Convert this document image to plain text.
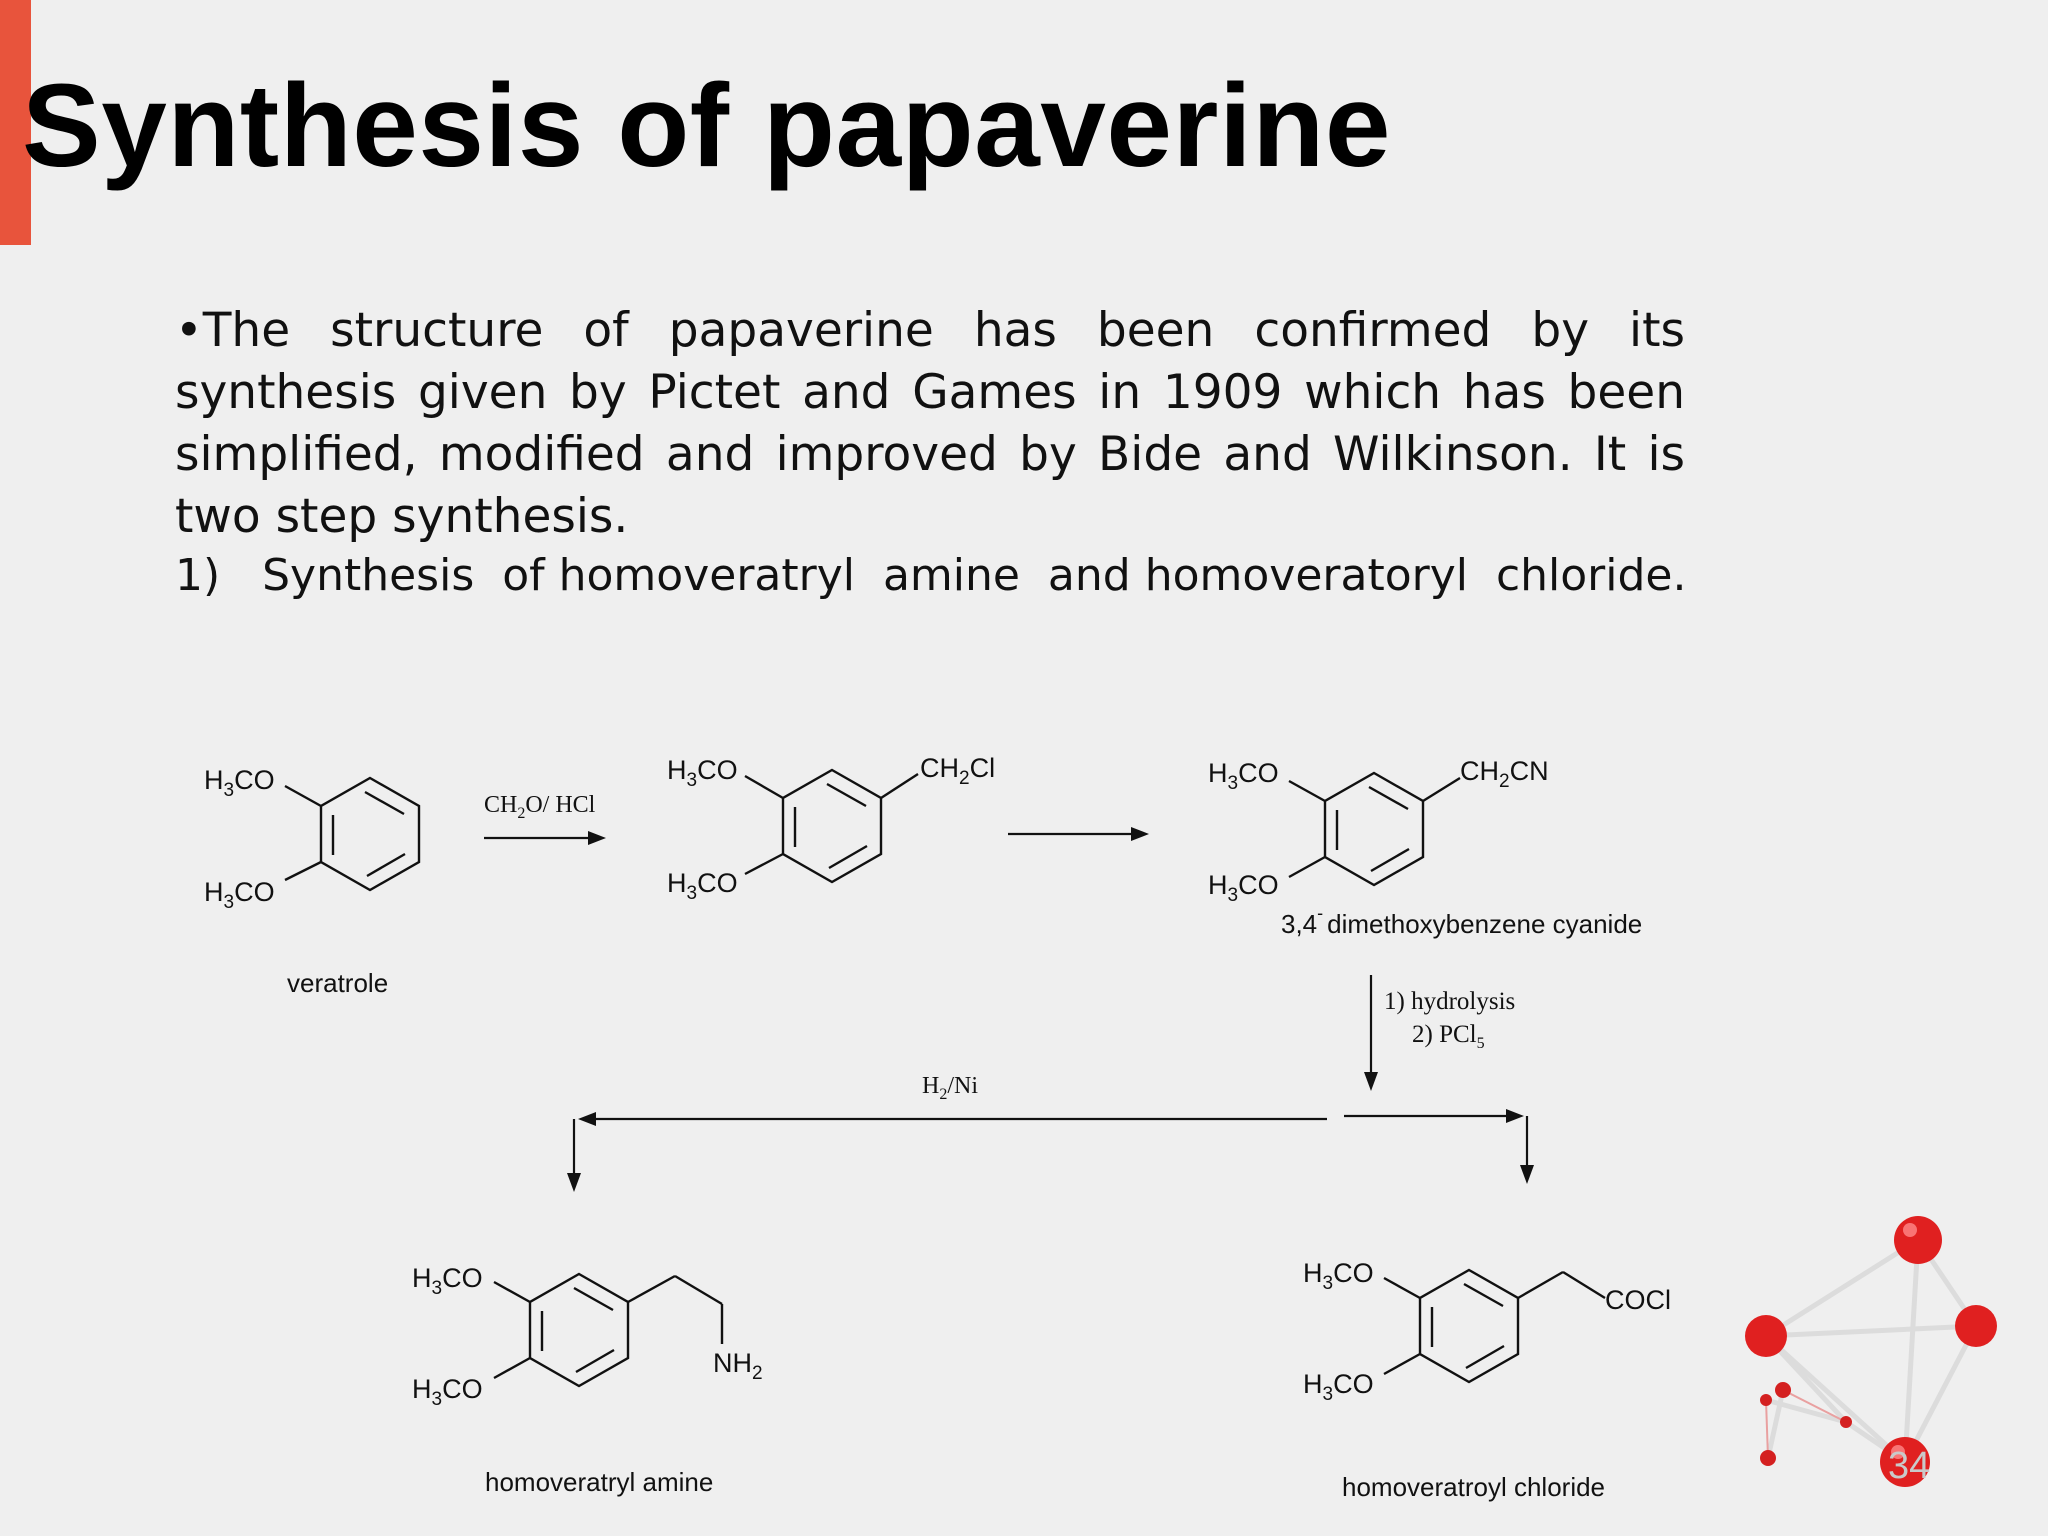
Synthesis of papaverine
•The structure of papaverine has been confirmed by its synthesis given by Pictet and Games in 1909 which has been simplified, modified and improved by Bide and Wilkinson. It is two step synthesis.
1)   Synthesis  of homoveratryl  amine  and homoveratoryl  chloride.
$H_3CO$
$H_3CO$
veratrole
$CH_2O/$ HCl
$H_3CO$
$H_3CO$
$CH_2Cl$	$H_3CO$
$H_3CO$
$CH_2CN$
3,4- dimethoxybenzene cyanide
1) hydrolysis
2) PCl$_5$
$H_2/Ni$
$H_3CO$
$H_3CO$
$NH_2$
homoveratryl amine
$H_3CO$
$H_3CO$
COCl
homoveratroyl chloride	34
